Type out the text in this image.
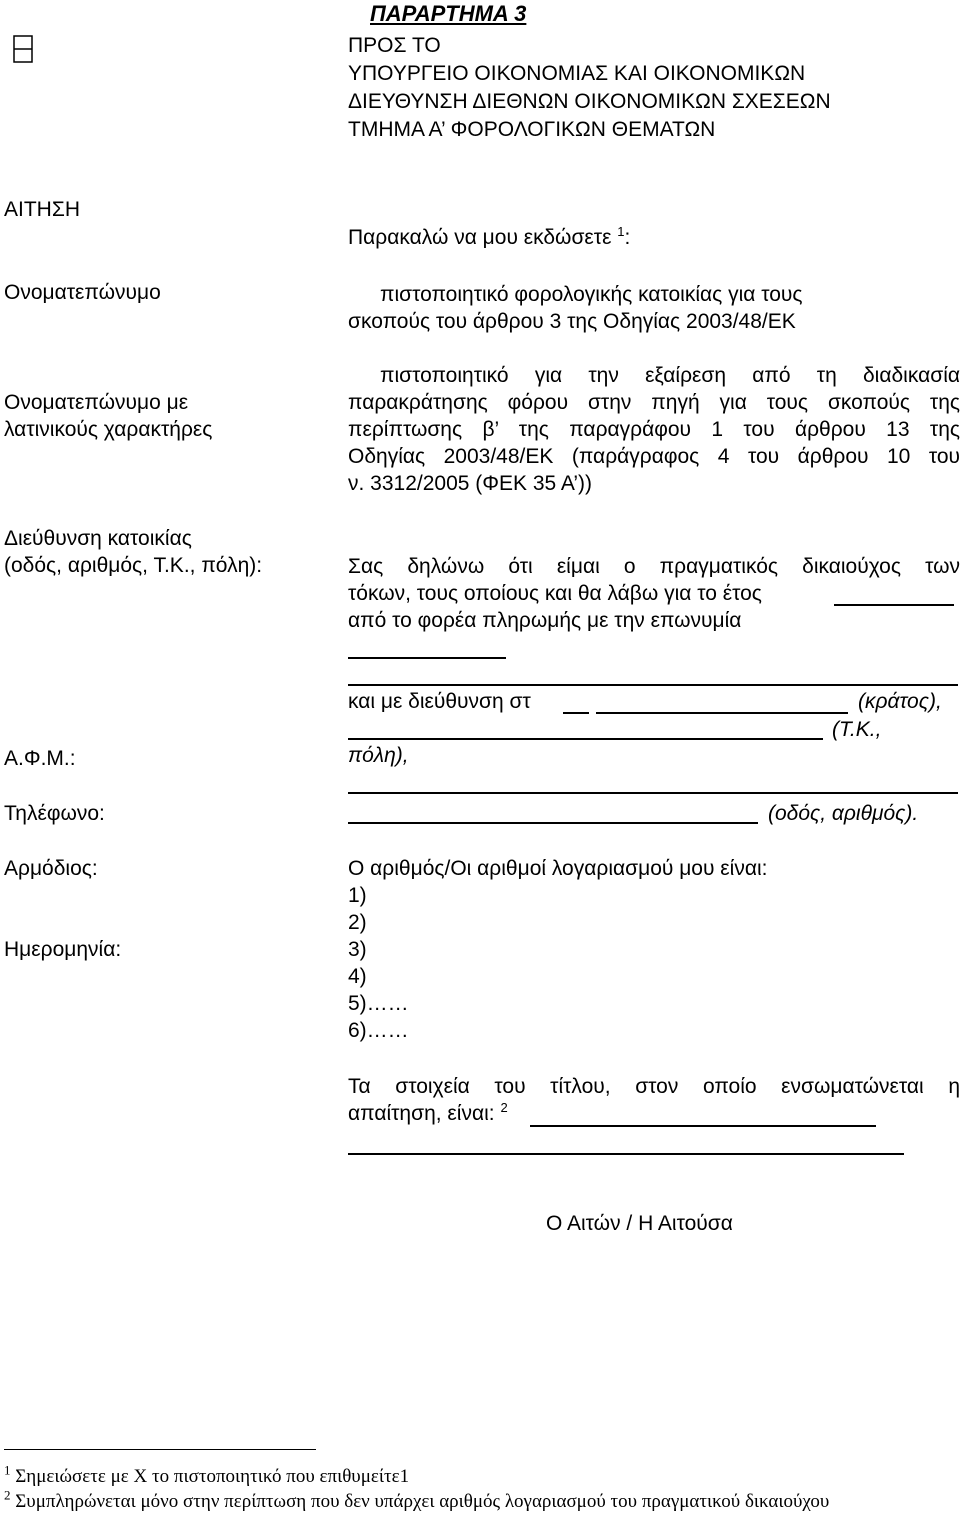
ΠΑΡΑΡΤΗΜΑ 3
ΠΡΟΣ ΤΟ
ΥΠΟΥΡΓΕΙΟ ΟΙΚΟΝΟΜΙΑΣ ΚΑΙ ΟΙΚΟΝΟΜΙΚΩΝ
ΔΙΕΥΘΥΝΣΗ ΔΙΕΘΝΩΝ ΟΙΚΟΝΟΜΙΚΩΝ ΣΧΕΣΕΩΝ
ΤΜΗΜΑ Α’ ΦΟΡΟΛΟΓΙΚΩΝ ΘΕΜΑΤΩΝ
ΑΙΤΗΣΗ
Ονοματεπώνυμο
Ονοματεπώνυμο με
λατινικούς χαρακτήρες
Διεύθυνση κατοικίας
(οδός, αριθμός, Τ.Κ., πόλη):
Α.Φ.Μ.:
Τηλέφωνο:
Αρμόδιος:
Ημερομηνία:
Παρακαλώ να μου εκδώσετε $^1$:
πιστοποιητικό φορολογικής κατοικίας για τους
σκοπούς του άρθρου 3 της Οδηγίας 2003/48/ΕΚ
πιστοποιητικό για την εξαίρεση από τη διαδικασία
παρακράτησης φόρου στην πηγή για τους σκοπούς της
περίπτωσης β’ της παραγράφου 1 του άρθρου 13 της
Οδηγίας 2003/48/ΕΚ (παράγραφος 4 του άρθρου 10 του
ν. 3312/2005 (ΦΕΚ 35 Α’))
Σας δηλώνω ότι είμαι ο πραγματικός δικαιούχος των
τόκων, τους οποίους και θα λάβω για το έτος
από το φορέα πληρωμής με την επωνυμία
και με διεύθυνση στ	(κράτος),
(Τ.Κ.,
πόλη),
(οδός, αριθμός).
Ο αριθμός/Οι αριθμοί λογαριασμού μου είναι:
1)
2)
3)
4)
5)……
6)……
Τα στοιχεία του τίτλου, στον οποίο ενσωματώνεται η
απαίτηση, είναι: $^2$
Ο Αιτών / Η Αιτούσα
$^1$ Σημειώσετε με Χ το πιστοποιητικό που επιθυμείτε1
$^2$ Συμπληρώνεται μόνο στην περίπτωση που δεν υπάρχει αριθμός λογαριασμού του πραγματικού δικαιούχου
